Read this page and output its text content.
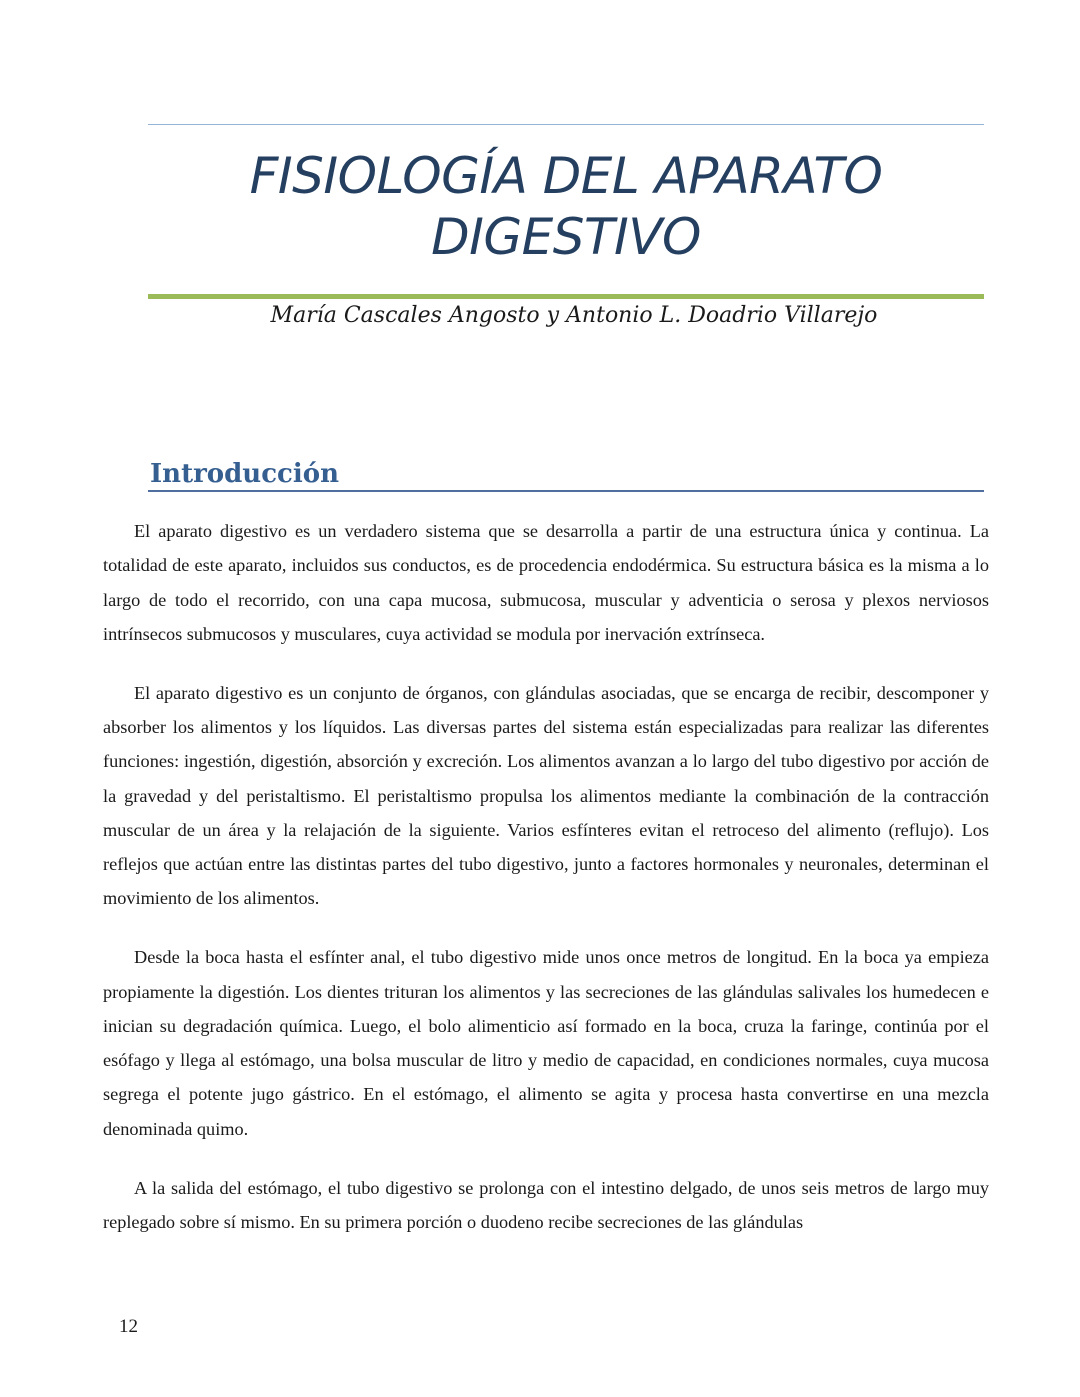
FISIOLOGÍA DEL APARATO DIGESTIVO
María Cascales Angosto y Antonio L. Doadrio Villarejo
Introducción

El aparato digestivo es un verdadero sistema que se desarrolla a partir de una estructura única y continua. La totalidad de este aparato, incluidos sus conductos, es de procedencia endodérmica. Su estructura básica es la misma a lo largo de todo el recorrido, con una capa mucosa, submucosa, muscular y adventicia o serosa y plexos nerviosos intrínsecos submucosos y musculares, cuya actividad se modula por inervación extrínseca.

El aparato digestivo es un conjunto de órganos, con glándulas asociadas, que se encarga de recibir, descomponer y absorber los alimentos y los líquidos. Las diversas partes del sistema están especializadas para realizar las diferentes funciones: ingestión, digestión, absorción y excreción. Los alimentos avanzan a lo largo del tubo digestivo por acción de la gravedad y del peristaltismo. El peristaltismo propulsa los alimentos mediante la combinación de la contracción muscular de un área y la relajación de la siguiente. Varios esfínteres evitan el retroceso del alimento (reflujo). Los reflejos que actúan entre las distintas partes del tubo digestivo, junto a factores hormonales y neuronales, determinan el movimiento de los alimentos.

Desde la boca hasta el esfínter anal, el tubo digestivo mide unos once metros de longitud. En la boca ya empieza propiamente la digestión. Los dientes trituran los alimentos y las secreciones de las glándulas salivales los humedecen e inician su degradación química. Luego, el bolo alimenticio así formado en la boca, cruza la faringe, continúa por el esófago y llega al estómago, una bolsa muscular de litro y medio de capacidad, en condiciones normales, cuya mucosa segrega el potente jugo gástrico. En el estómago, el alimento se agita y procesa hasta convertirse en una mezcla denominada quimo.

A la salida del estómago, el tubo digestivo se prolonga con el intestino delgado, de unos seis metros de largo muy replegado sobre sí mismo. En su primera porción o duodeno recibe secreciones de las glándulas

12
